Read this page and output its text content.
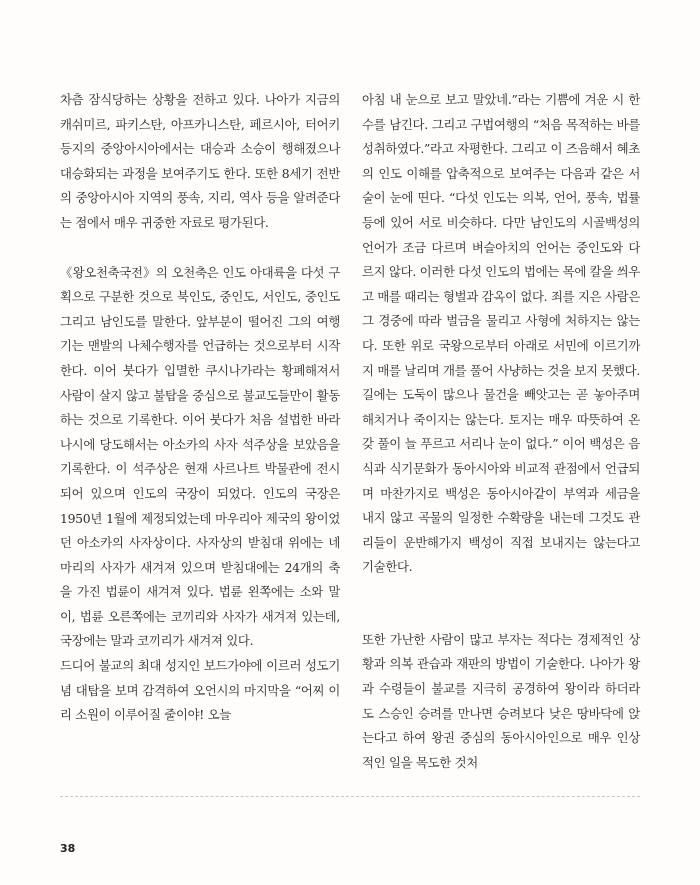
차츰 잠식당하는 상황을 전하고 있다. 나아가 지금의 캐쉬미르, 파키스탄, 아프카니스탄, 페르시아, 터어키 등지의 중앙아시아에서는 대승과 소승이 행해졌으나 대승화되는 과정을 보여주기도 한다. 또한 8세기 전반의 중앙아시아 지역의 풍속, 지리, 역사 등을 알려준다는 점에서 매우 귀중한 자료로 평가된다.

《왕오천축국전》의 오천축은 인도 아대륙을 다섯 구획으로 구분한 것으로 북인도, 중인도, 서인도, 중인도 그리고 남인도를 말한다. 앞부분이 떨어진 그의 여행기는 맨발의 나체수행자를 언급하는 것으로부터 시작한다. 이어 붓다가 입멸한 쿠시나가라는 황폐해져서 사람이 살지 않고 불탑을 중심으로 불교도들만이 활동하는 것으로 기록한다. 이어 붓다가 처음 설법한 바라나시에 당도해서는 아소카의 사자 석주상을 보았음을 기록한다. 이 석주상은 현재 사르나트 박물관에 전시되어 있으며 인도의 국장이 되었다. 인도의 국장은 1950년 1월에 제정되었는데 마우리아 제국의 왕이었던 아소카의 사자상이다. 사자상의 받침대 위에는 네 마리의 사자가 새겨져 있으며 받침대에는 24개의 축을 가진 법륜이 새겨져 있다. 법륜 왼쪽에는 소와 말이, 법륜 오른쪽에는 코끼리와 사자가 새겨져 있는데, 국장에는 말과 코끼리가 새겨져 있다.

드디어 불교의 최대 성지인 보드가야에 이르러 성도기념 대탑을 보며 감격하여 오언시의 마지막을 “어찌 이리 소원이 이루어질 줄이야! 오늘

아침 내 눈으로 보고 말았네.”라는 기쁨에 겨운 시 한 수를 남긴다. 그리고 구법여행의 “처음 목적하는 바를 성취하였다.”라고 자평한다. 그리고 이 즈음해서 혜초의 인도 이해를 압축적으로 보여주는 다음과 같은 서술이 눈에 띤다. “다섯 인도는 의복, 언어, 풍속, 법률 등에 있어 서로 비슷하다. 다만 남인도의 시골백성의 언어가 조금 다르며 벼슬아치의 언어는 중인도와 다르지 않다. 이러한 다섯 인도의 법에는 목에 칼을 씌우고 매를 때리는 형벌과 감옥이 없다. 죄를 지은 사람은 그 경중에 따라 벌금을 물리고 사형에 처하지는 않는다. 또한 위로 국왕으로부터 아래로 서민에 이르기까지 매를 날리며 개를 풀어 사냥하는 것을 보지 못했다. 길에는 도둑이 많으나 물건을 빼앗고는 곧 놓아주며 해치거나 죽이지는 않는다. 토지는 매우 따뜻하여 온갖 풀이 늘 푸르고 서리나 눈이 없다.” 이어 백성은 음식과 식기문화가 동아시아와 비교적 관점에서 언급되며 마찬가지로 백성은 동아시아같이 부역과 세금을 내지 않고 곡물의 일정한 수확량을 내는데 그것도 관리들이 운반해가지 백성이 직접 보내지는 않는다고 기술한다.

또한 가난한 사람이 많고 부자는 적다는 경제적인 상황과 의복 관습과 재판의 방법이 기술한다. 나아가 왕과 수령들이 불교를 지극히 공경하여 왕이라 하더라도 스승인 승려를 만나면 승려보다 낮은 땅바닥에 앉는다고 하여 왕권 중심의 동아시아인으로 매우 인상적인 일을 목도한 것처

38
